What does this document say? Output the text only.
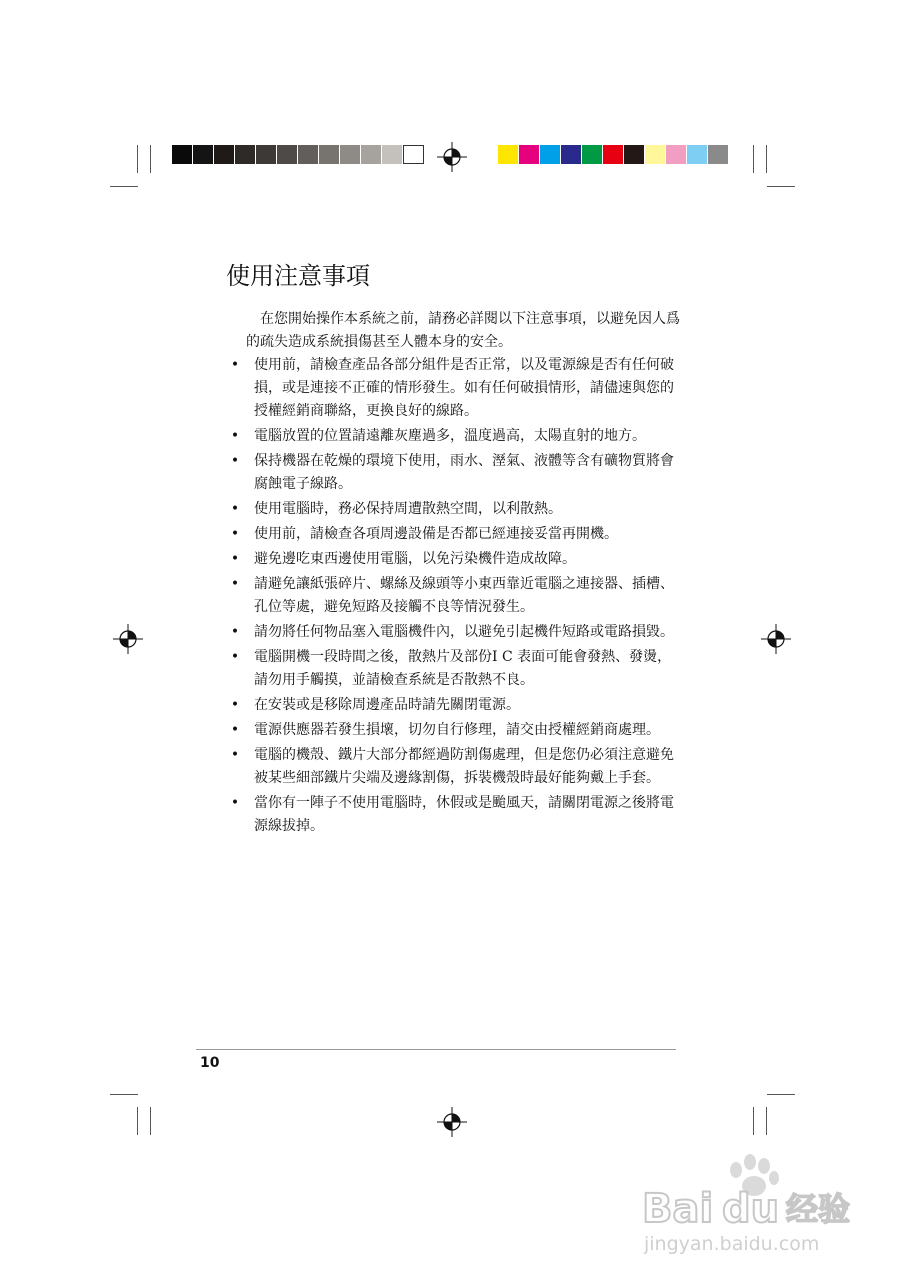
使用注意事項

在您開始操作本系統之前，請務必詳閱以下注意事項，以避免因人爲的疏失造成系統損傷甚至人體本身的安全。

• 使用前，請檢查產品各部分組件是否正常，以及電源線是否有任何破損，或是連接不正確的情形發生。如有任何破損情形，請儘速與您的授權經銷商聯絡，更換良好的線路。
• 電腦放置的位置請遠離灰塵過多，溫度過高，太陽直射的地方。
• 保持機器在乾燥的環境下使用，雨水、溼氣、液體等含有礦物質將會腐蝕電子線路。
• 使用電腦時，務必保持周遭散熱空間，以利散熱。
• 使用前，請檢查各項周邊設備是否都已經連接妥當再開機。
• 避免邊吃東西邊使用電腦，以免污染機件造成故障。
• 請避免讓紙張碎片、螺絲及線頭等小東西靠近電腦之連接器、插槽、孔位等處，避免短路及接觸不良等情況發生。
• 請勿將任何物品塞入電腦機件內，以避免引起機件短路或電路損毀。
• 電腦開機一段時間之後，散熱片及部份I C 表面可能會發熱、發燙，請勿用手觸摸，並請檢查系統是否散熱不良。
• 在安裝或是移除周邊產品時請先關閉電源。
• 電源供應器若發生損壞，切勿自行修理，請交由授權經銷商處理。
• 電腦的機殼、鐵片大部分都經過防割傷處理，但是您仍必須注意避免被某些細部鐵片尖端及邊緣割傷，拆裝機殼時最好能夠戴上手套。
• 當你有一陣子不使用電腦時，休假或是颱風天，請關閉電源之後將電源線拔掉。
10
Bai du 经验
jingyan.baidu.com
